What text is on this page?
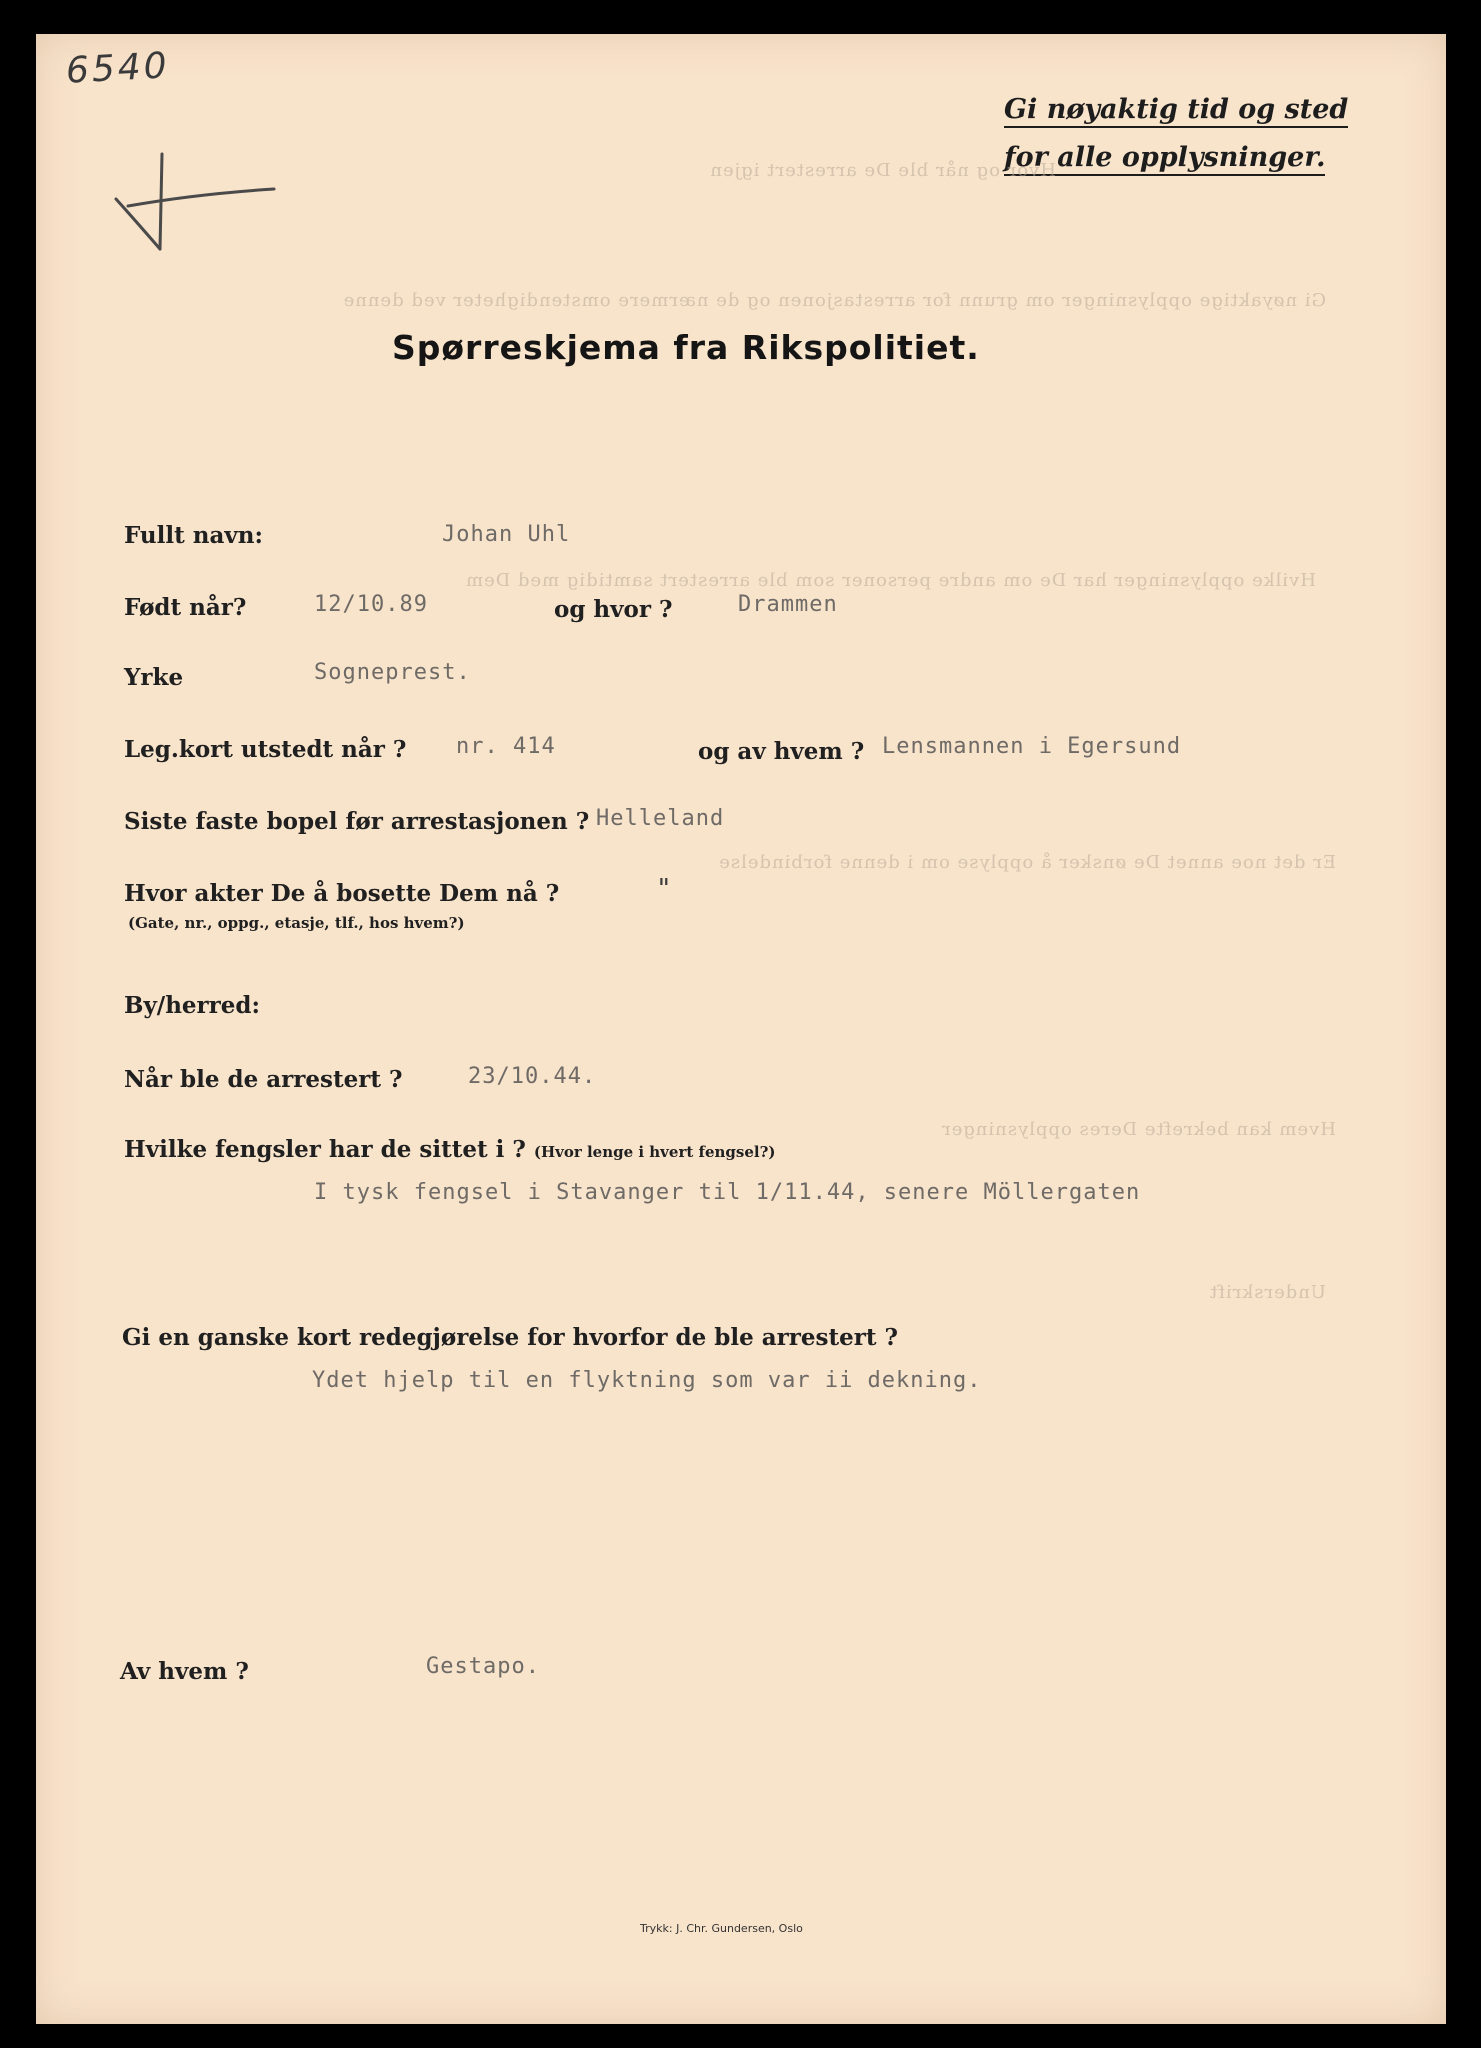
6540
Gi nøyaktig tid og sted
for alle opplysninger.
Hvor og når ble De arrestert igjen
Gi nøyaktige opplysninger om grunn for arrestasjonen og de nærmere omstendigheter ved denne
Hvilke opplysninger har De om andre personer som ble arrestert samtidig med Dem
Er det noe annet De ønsker å opplyse om i denne forbindelse
Hvem kan bekrefte Deres opplysninger
Underskrift
Spørreskjema fra Rikspolitiet.
Fullt navn:	Johan Uhl
Født når?	12/10.89	og hvor ?	Drammen
Yrke	Sogneprest.
Leg.kort utstedt når ? nr. 414	og av hvem ? Lensmannen i Egersund
Siste faste bopel før arrestasjonen ? Helleland
Hvor akter De å bosette Dem nå ?
(Gate, nr., oppg., etasje, tlf., hos hvem?)
"
By/herred:
Når ble de arrestert ?	23/10.44.
Hvilke fengsler har de sittet i ? (Hvor lenge i hvert fengsel?)
I tysk fengsel i Stavanger til 1/11.44, senere Möllergaten
Gi en ganske kort redegjørelse for hvorfor de ble arrestert ?
Ydet hjelp til en flyktning som var ii dekning.
Av hvem ?	Gestapo.
Trykk: J. Chr. Gundersen, Oslo
